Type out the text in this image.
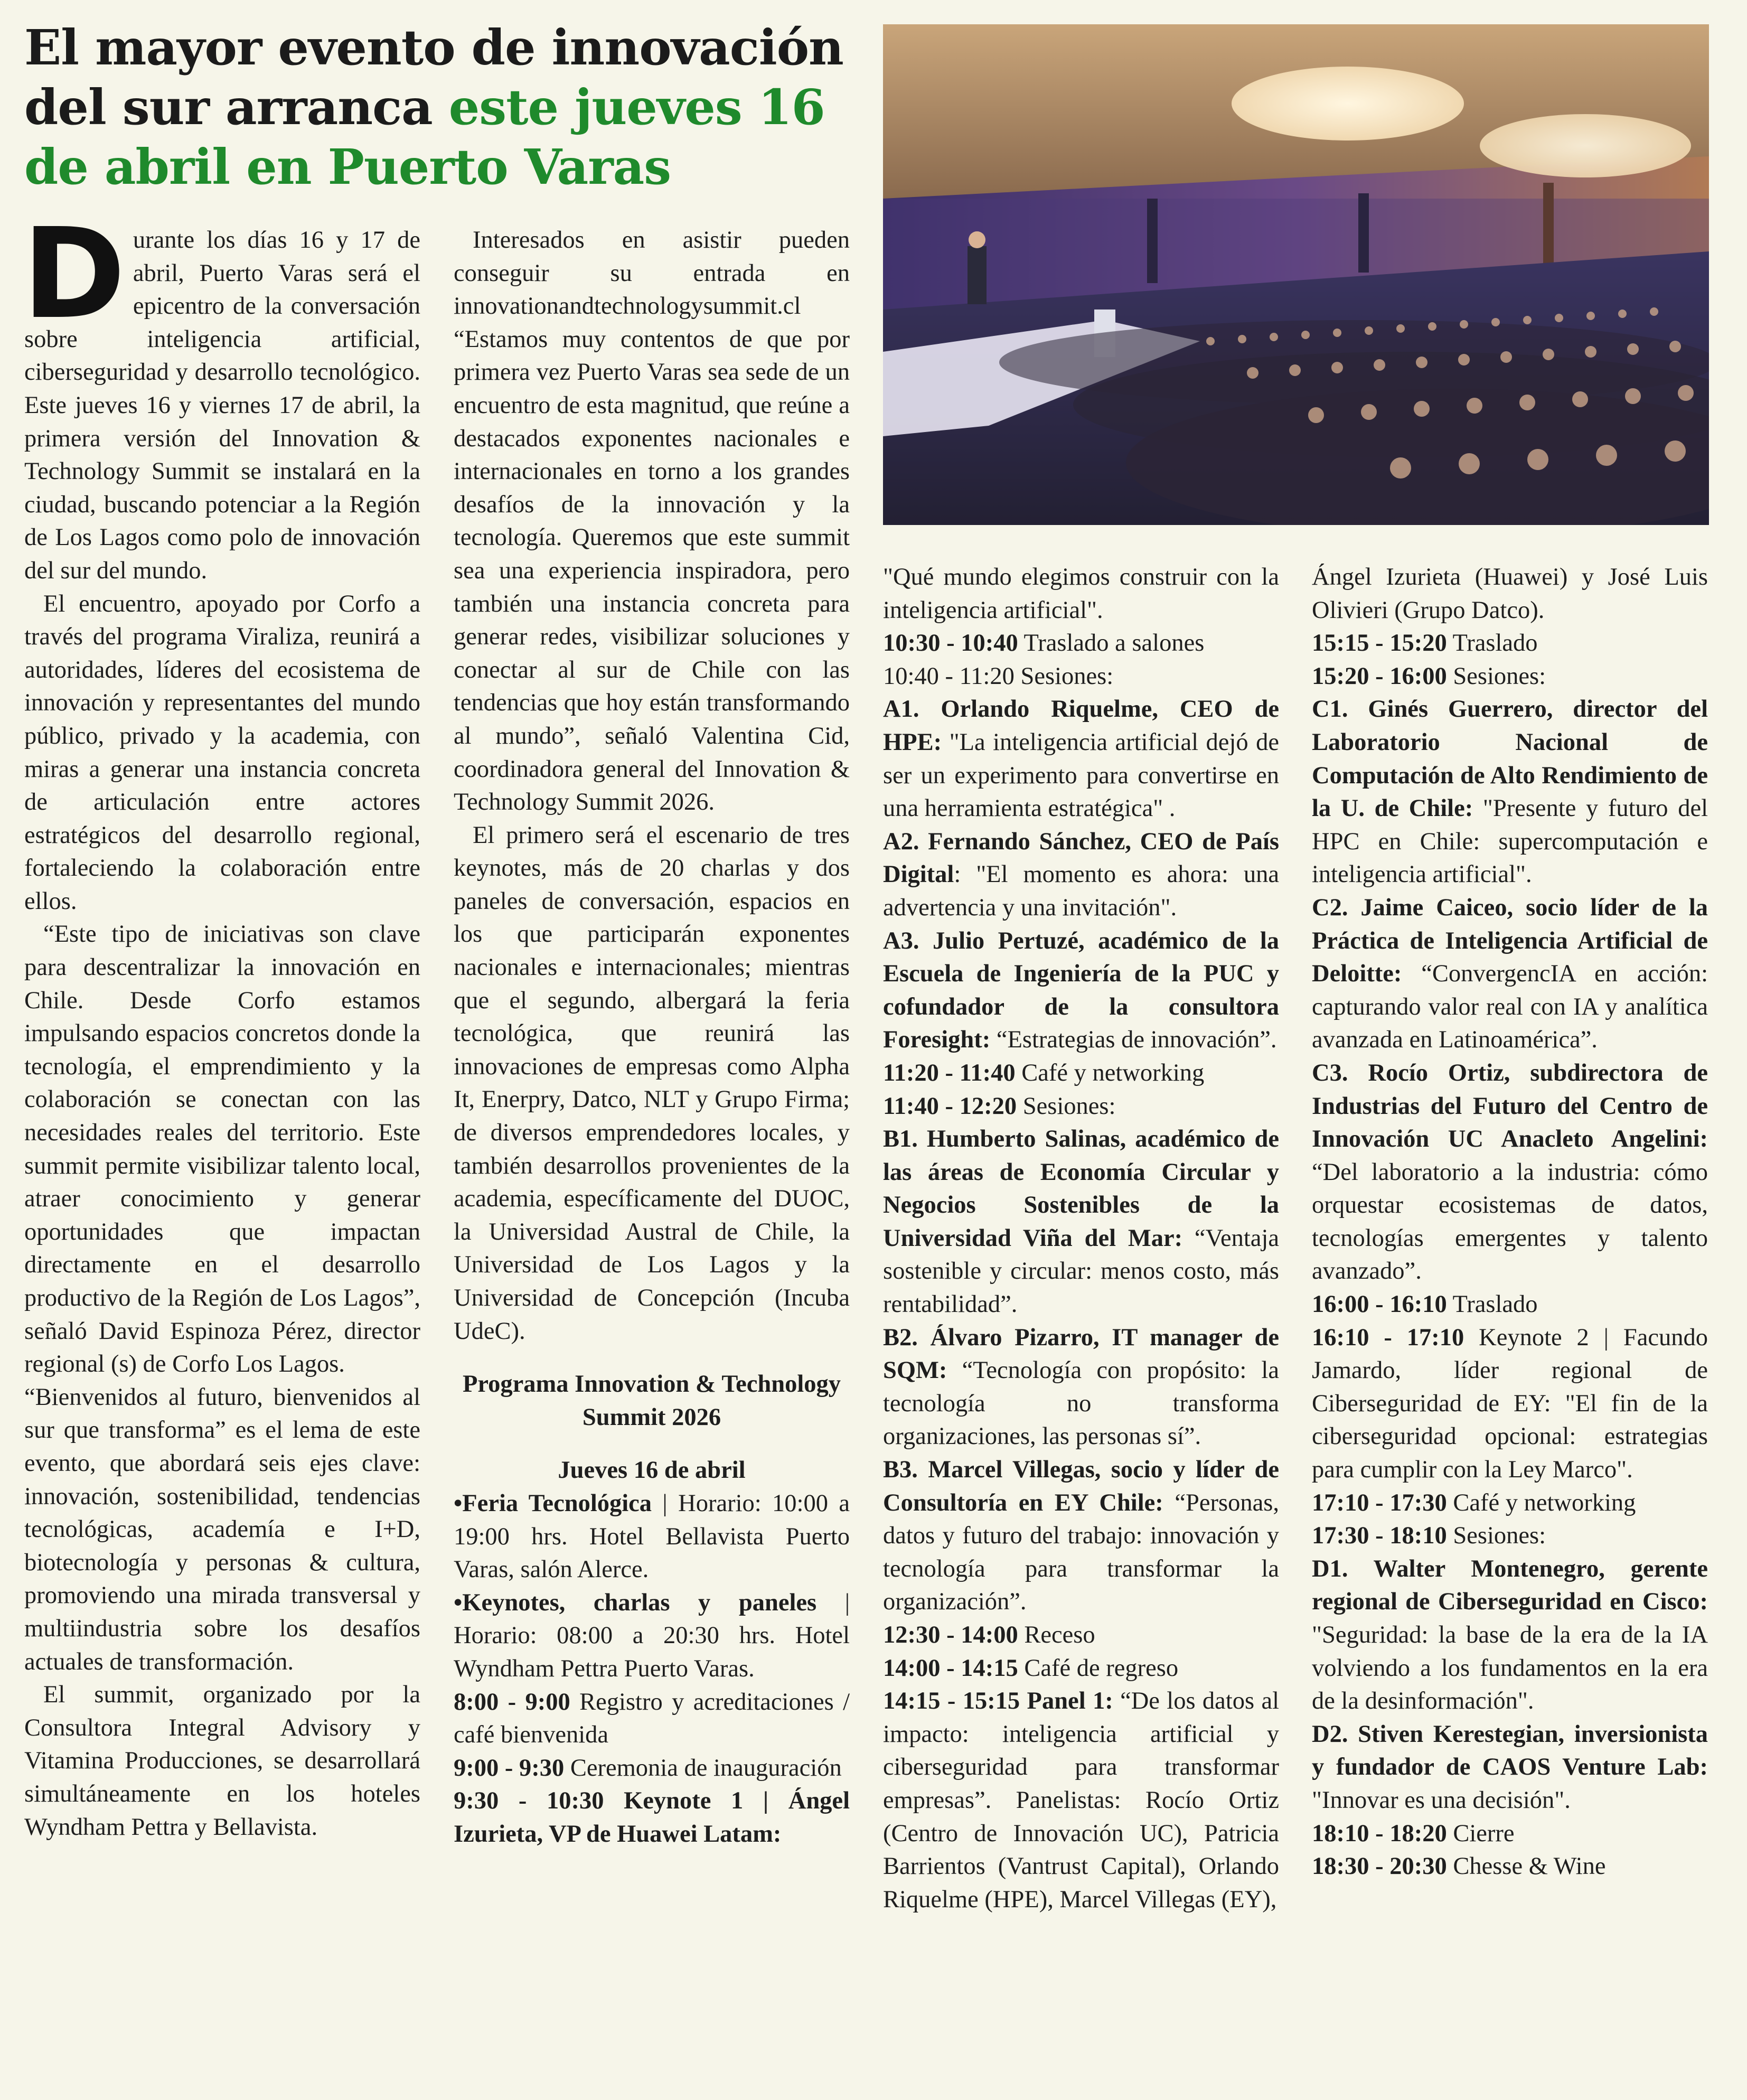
El mayor evento de innovación del sur arranca este jueves 16 de abril en Puerto Varas

Durante los días 16 y 17 de abril, Puerto Varas será el epicentro de la conversación sobre inteligencia artificial, ciberseguridad y desarrollo tecnológico. Este jueves 16 y viernes 17 de abril, la primera versión del Innovation & Technology Summit se instalará en la ciudad, buscando potenciar a la Región de Los Lagos como polo de innovación del sur del mundo.

El encuentro, apoyado por Corfo a través del programa Viraliza, reunirá a autoridades, líderes del ecosistema de innovación y representantes del mundo público, privado y la academia, con miras a generar una instancia concreta de articulación entre actores estratégicos del desarrollo regional, fortaleciendo la colaboración entre ellos.

“Este tipo de iniciativas son clave para descentralizar la innovación en Chile. Desde Corfo estamos impulsando espacios concretos donde la tecnología, el emprendimiento y la colaboración se conectan con las necesidades reales del territorio. Este summit permite visibilizar talento local, atraer conocimiento y generar oportunidades que impactan directamente en el desarrollo productivo de la Región de Los Lagos”, señaló David Espinoza Pérez, director regional (s) de Corfo Los Lagos.

“Bienvenidos al futuro, bienvenidos al sur que transforma” es el lema de este evento, que abordará seis ejes clave: innovación, sostenibilidad, tendencias tecnológicas, academía e I+D, biotecnología y personas & cultura, promoviendo una mirada transversal y multiindustria sobre los desafíos actuales de transformación.

El summit, organizado por la Consultora Integral Advisory y Vitamina Producciones, se desarrollará simultáneamente en los hoteles Wyndham Pettra y Bellavista.

Interesados en asistir pueden conseguir su entrada en innovationandtechnologysummit.cl

“Estamos muy contentos de que por primera vez Puerto Varas sea sede de un encuentro de esta magnitud, que reúne a destacados exponentes nacionales e internacionales en torno a los grandes desafíos de la innovación y la tecnología. Queremos que este summit sea una experiencia inspiradora, pero también una instancia concreta para generar redes, visibilizar soluciones y conectar al sur de Chile con las tendencias que hoy están transformando al mundo”, señaló Valentina Cid, coordinadora general del Innovation & Technology Summit 2026.

El primero será el escenario de tres keynotes, más de 20 charlas y dos paneles de conversación, espacios en los que participarán exponentes nacionales e internacionales; mientras que el segundo, albergará la feria tecnológica, que reunirá las innovaciones de empresas como Alpha It, Enerpry, Datco, NLT y Grupo Firma; de diversos emprendedores locales, y también desarrollos provenientes de la academia, específicamente del DUOC, la Universidad Austral de Chile, la Universidad de Los Lagos y la Universidad de Concepción (Incuba UdeC).

Programa Innovation & Technology Summit 2026

Jueves 16 de abril

•Feria Tecnológica | Horario: 10:00 a 19:00 hrs. Hotel Bellavista Puerto Varas, salón Alerce.

•Keynotes, charlas y paneles | Horario: 08:00 a 20:30 hrs. Hotel Wyndham Pettra Puerto Varas.

8:00 - 9:00 Registro y acreditaciones / café bienvenida

9:00 - 9:30 Ceremonia de inauguración

9:30 - 10:30 Keynote 1 | Ángel Izurieta, VP de Huawei Latam:

"Qué mundo elegimos construir con la inteligencia artificial".

10:30 - 10:40 Traslado a salones

10:40 - 11:20 Sesiones:

A1. Orlando Riquelme, CEO de HPE: "La inteligencia artificial dejó de ser un experimento para convertirse en una herramienta estratégica" .

A2. Fernando Sánchez, CEO de País Digital: "El momento es ahora: una advertencia y una invitación".

A3. Julio Pertuzé, académico de la Escuela de Ingeniería de la PUC y cofundador de la consultora Foresight: “Estrategias de innovación”.

11:20 - 11:40 Café y networking

11:40 - 12:20 Sesiones:

B1. Humberto Salinas, académico de las áreas de Economía Circular y Negocios Sostenibles de la Universidad Viña del Mar: “Ventaja sostenible y circular: menos costo, más rentabilidad”.

B2. Álvaro Pizarro, IT manager de SQM: “Tecnología con propósito: la tecnología no transforma organizaciones, las personas sí”.

B3. Marcel Villegas, socio y líder de Consultoría en EY Chile: “Personas, datos y futuro del trabajo: innovación y tecnología para transformar la organización”.

12:30 - 14:00 Receso

14:00 - 14:15 Café de regreso

14:15 - 15:15 Panel 1: “De los datos al impacto: inteligencia artificial y ciberseguridad para transformar empresas”. Panelistas: Rocío Ortiz (Centro de Innovación UC), Patricia Barrientos (Vantrust Capital), Orlando Riquelme (HPE), Marcel Villegas (EY),

Ángel Izurieta (Huawei) y José Luis Olivieri (Grupo Datco).

15:15 - 15:20 Traslado

15:20 - 16:00 Sesiones:

C1. Ginés Guerrero, director del Laboratorio Nacional de Computación de Alto Rendimiento de la U. de Chile: "Presente y futuro del HPC en Chile: supercomputación e inteligencia artificial".

C2. Jaime Caiceo, socio líder de la Práctica de Inteligencia Artificial de Deloitte: “ConvergencIA en acción: capturando valor real con IA y analítica avanzada en Latinoamérica”.

C3. Rocío Ortiz, subdirectora de Industrias del Futuro del Centro de Innovación UC Anacleto Angelini: “Del laboratorio a la industria: cómo orquestar ecosistemas de datos, tecnologías emergentes y talento avanzado”.

16:00 - 16:10 Traslado

16:10 - 17:10 Keynote 2 | Facundo Jamardo, líder regional de Ciberseguridad de EY: "El fin de la ciberseguridad opcional: estrategias para cumplir con la Ley Marco".

17:10 - 17:30 Café y networking

17:30 - 18:10 Sesiones:

D1. Walter Montenegro, gerente regional de Ciberseguridad en Cisco: "Seguridad: la base de la era de la IA volviendo a los fundamentos en la era de la desinformación".

D2. Stiven Kerestegian, inversionista y fundador de CAOS Venture Lab: "Innovar es una decisión".

18:10 - 18:20 Cierre

18:30 - 20:30 Chesse & Wine
